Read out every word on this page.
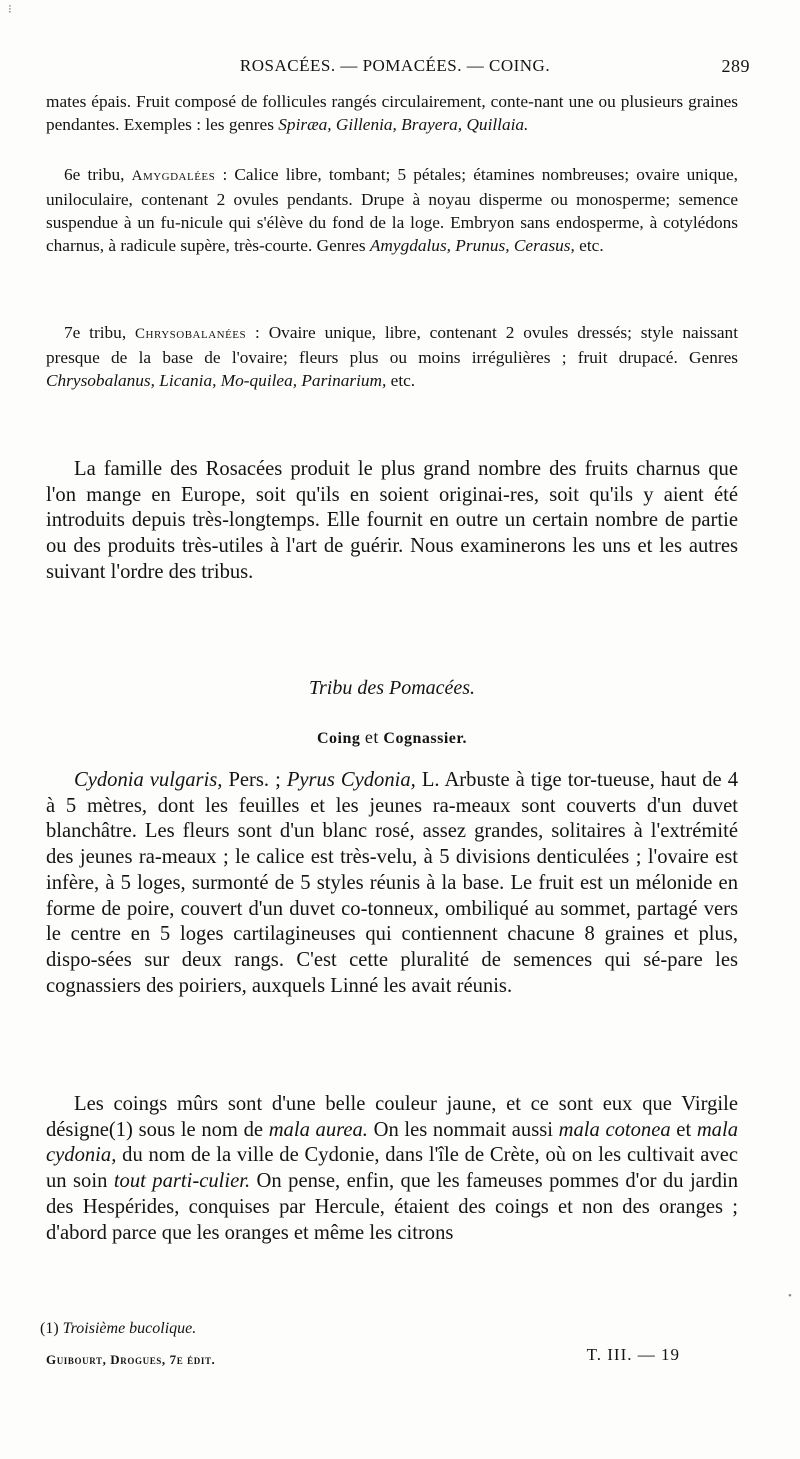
⁝
ROSACÉES. — POMACÉES. — COING.	289
mates épais. Fruit composé de follicules rangés circulairement, conte-nant une ou plusieurs graines pendantes. Exemples : les genres Spiræa, Gillenia, Brayera, Quillaia.
6e tribu, Amygdalées : Calice libre, tombant; 5 pétales; étamines nombreuses; ovaire unique, uniloculaire, contenant 2 ovules pendants. Drupe à noyau disperme ou monosperme; semence suspendue à un fu-nicule qui s'élève du fond de la loge. Embryon sans endosperme, à cotylédons charnus, à radicule supère, très-courte. Genres Amygdalus, Prunus, Cerasus, etc.
7e tribu, Chrysobalanées : Ovaire unique, libre, contenant 2 ovules dressés; style naissant presque de la base de l'ovaire; fleurs plus ou moins irrégulières ; fruit drupacé. Genres Chrysobalanus, Licania, Mo-quilea, Parinarium, etc.
La famille des Rosacées produit le plus grand nombre des fruits charnus que l'on mange en Europe, soit qu'ils en soient originai-res, soit qu'ils y aient été introduits depuis très-longtemps. Elle fournit en outre un certain nombre de partie ou des produits très-utiles à l'art de guérir. Nous examinerons les uns et les autres suivant l'ordre des tribus.
Tribu des Pomacées.
Coing et Cognassier.
Cydonia vulgaris, Pers. ; Pyrus Cydonia, L. Arbuste à tige tor-tueuse, haut de 4 à 5 mètres, dont les feuilles et les jeunes ra-meaux sont couverts d'un duvet blanchâtre. Les fleurs sont d'un blanc rosé, assez grandes, solitaires à l'extrémité des jeunes ra-meaux ; le calice est très-velu, à 5 divisions denticulées ; l'ovaire est infère, à 5 loges, surmonté de 5 styles réunis à la base. Le fruit est un mélonide en forme de poire, couvert d'un duvet co-tonneux, ombiliqué au sommet, partagé vers le centre en 5 loges cartilagineuses qui contiennent chacune 8 graines et plus, dispo-sées sur deux rangs. C'est cette pluralité de semences qui sé-pare les cognassiers des poiriers, auxquels Linné les avait réunis.
Les coings mûrs sont d'une belle couleur jaune, et ce sont eux que Virgile désigne(1) sous le nom de mala aurea. On les nommait aussi mala cotonea et mala cydonia, du nom de la ville de Cydonie, dans l'île de Crète, où on les cultivait avec un soin tout parti-culier. On pense, enfin, que les fameuses pommes d'or du jardin des Hespérides, conquises par Hercule, étaient des coings et non des oranges ; d'abord parce que les oranges et même les citrons
•
(1) Troisième bucolique.
Guibourt, Drogues, 7e édit.	T. III. — 19
